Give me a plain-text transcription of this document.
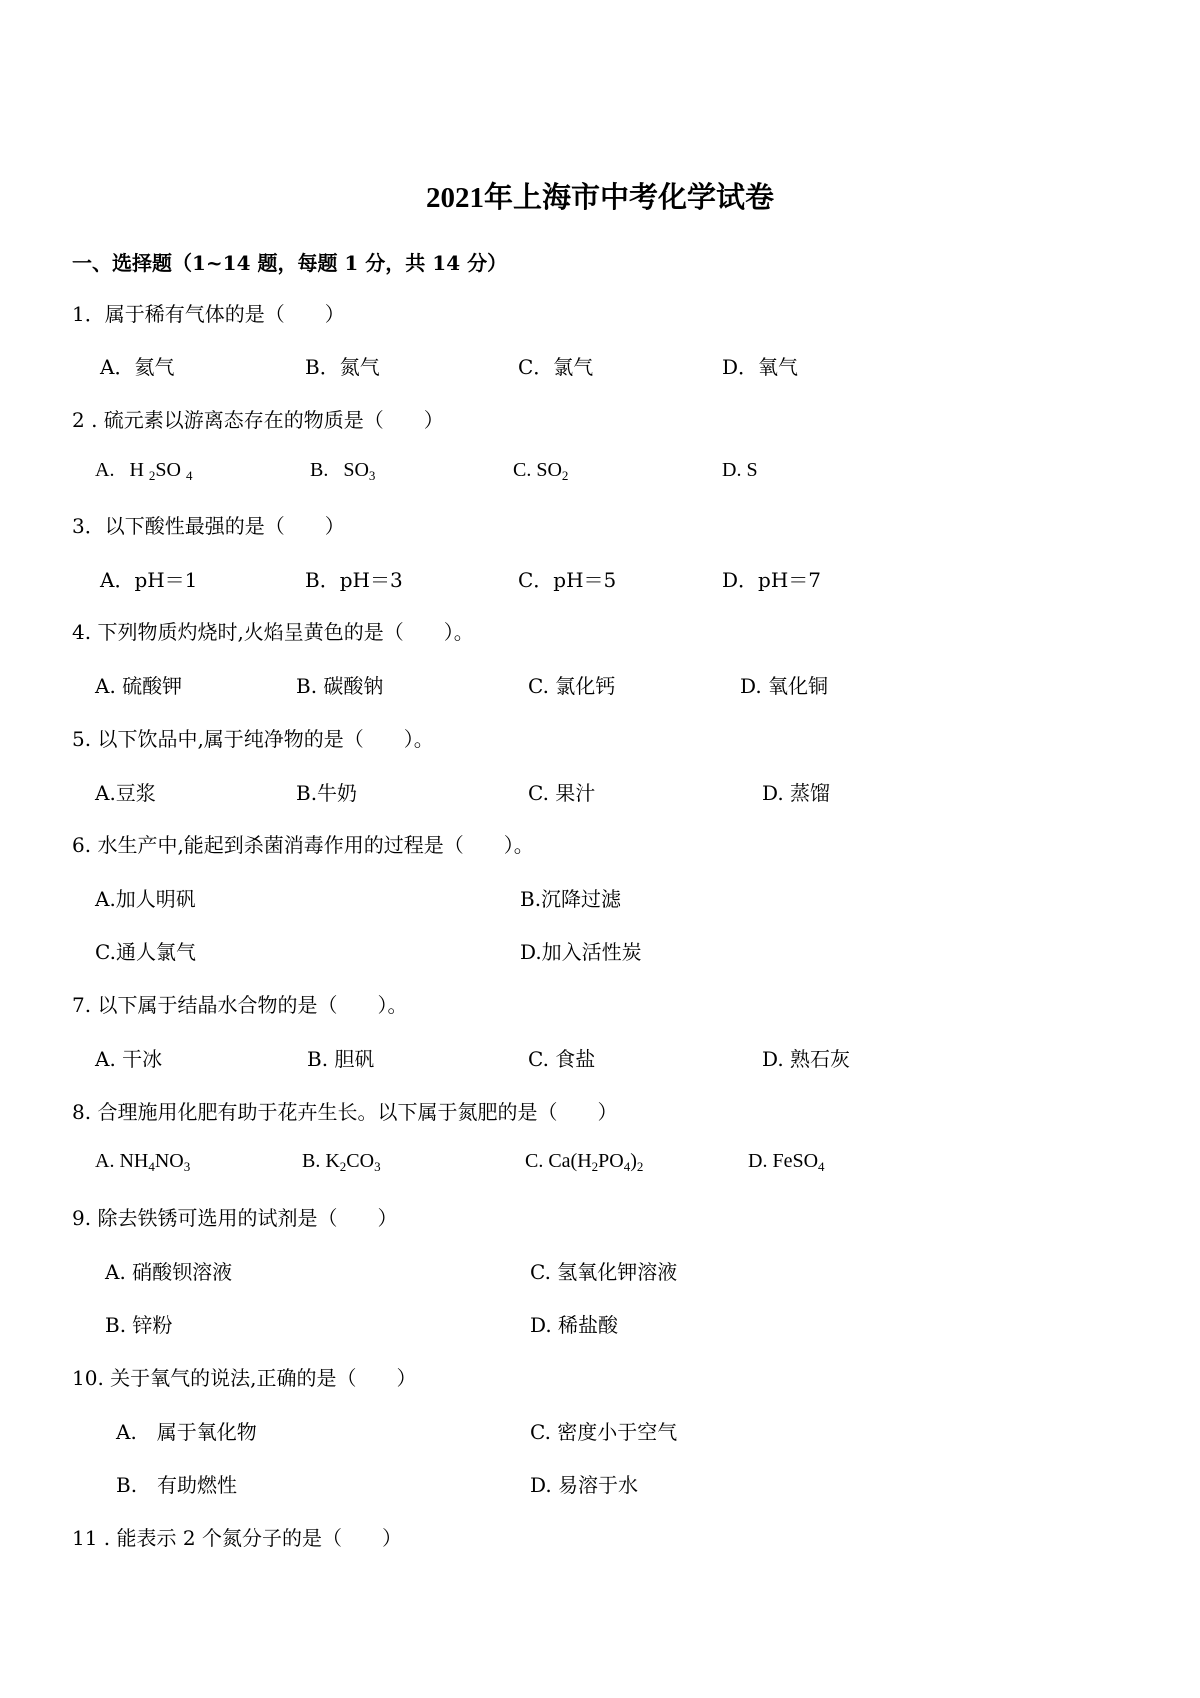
2021年上海市中考化学试卷
一、选择题（1~14 题，每题 1 分，共 14 分）
1．属于稀有气体的是（　　）
A．氦气	B．氮气	C．氯气	D．氧气
2 . 硫元素以游离态存在的物质是（　　）
A.   H $_2$SO $_4$	B.   $SO_3$	C. $SO_2$	D. S
3．以下酸性最强的是（　　）
A．pH＝1	B．pH＝3	C．pH＝5	D．pH＝7
4. 下列物质灼烧时,火焰呈黄色的是（　　）。
A. 硫酸钾	B. 碳酸钠	C. 氯化钙	D. 氧化铜
5. 以下饮品中,属于纯净物的是（　　）。
A.豆浆	B.牛奶	C. 果汁	D. 蒸馏
6. 水生产中,能起到杀菌消毒作用的过程是（　　）。
A.加人明矾	B.沉降过滤
C.通人氯气	D.加入活性炭
7. 以下属于结晶水合物的是（　　）。
A. 干冰	B. 胆矾	C. 食盐	D. 熟石灰
8. 合理施用化肥有助于花卉生长。以下属于氮肥的是（　　）
A. $NH_4NO_3$	B. $K_2CO_3$	C. $Ca(H_2PO_4)_2$	D. FeSO$_4$
9. 除去铁锈可选用的试剂是（　　）
A. 硝酸钡溶液	C. 氢氧化钾溶液
B. 锌粉	D. 稀盐酸
10. 关于氧气的说法,正确的是（　　）
A.　属于氧化物	C. 密度小于空气
B.　有助燃性	D. 易溶于水
11 . 能表示 2 个氮分子的是（　　）
